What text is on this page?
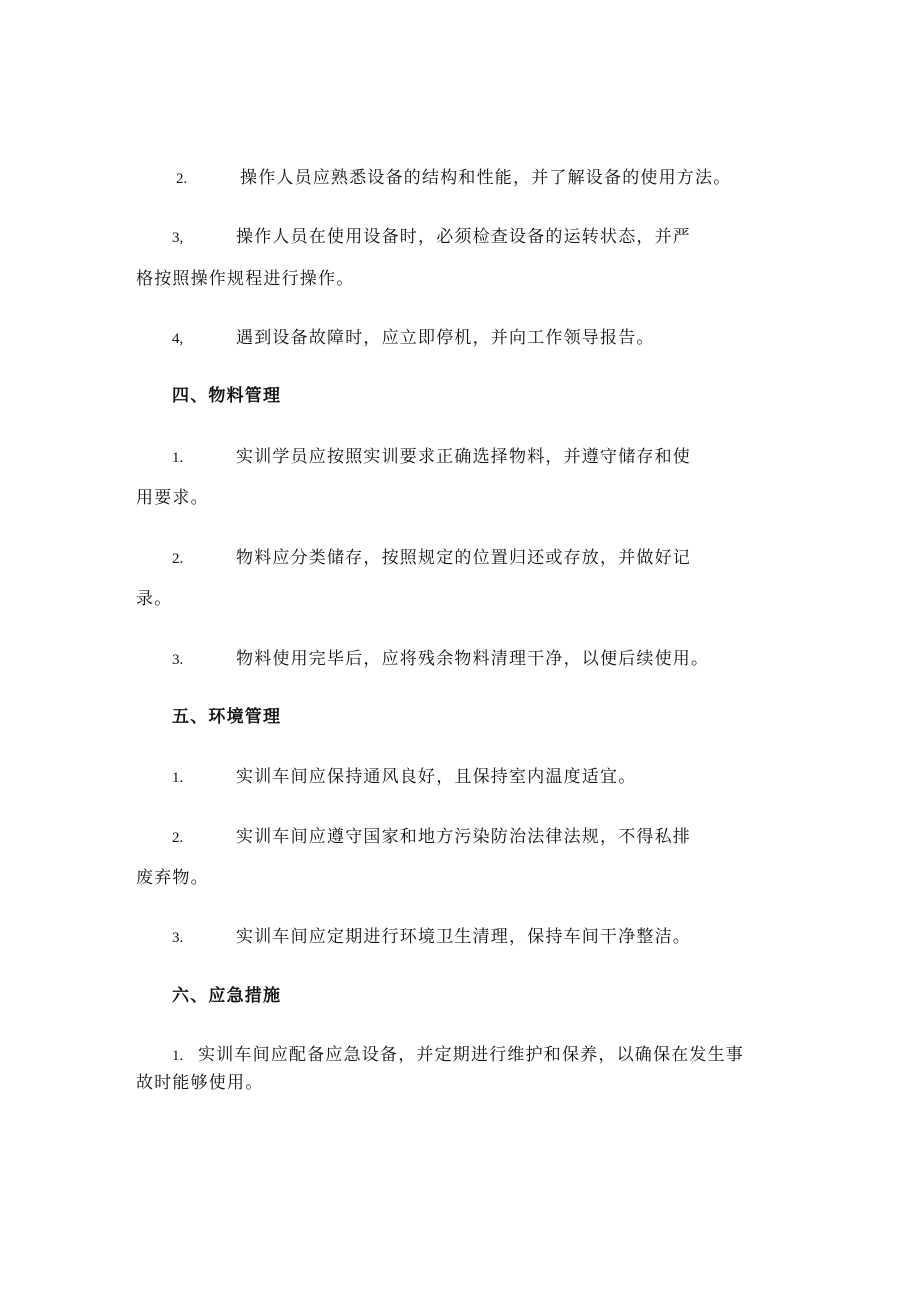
2.	操作人员应熟悉设备的结构和性能，并了解设备的使用方法。
3,	操作人员在使用设备时，必须检查设备的运转状态，并严
格按照操作规程进行操作。
4,	遇到设备故障时，应立即停机，并向工作领导报告。
四、物料管理
1.	实训学员应按照实训要求正确选择物料，并遵守储存和使
用要求。
2.	物料应分类储存，按照规定的位置归还或存放，并做好记
录。
3.	物料使用完毕后，应将残余物料清理干净，以便后续使用。
五、环境管理
1.	实训车间应保持通风良好，且保持室内温度适宜。
2.	实训车间应遵守国家和地方污染防治法律法规，不得私排
废弃物。
3.	实训车间应定期进行环境卫生清理，保持车间干净整洁。
六、应急措施
1. 实训车间应配备应急设备，并定期进行维护和保养，以确保在发生事
故时能够使用。
